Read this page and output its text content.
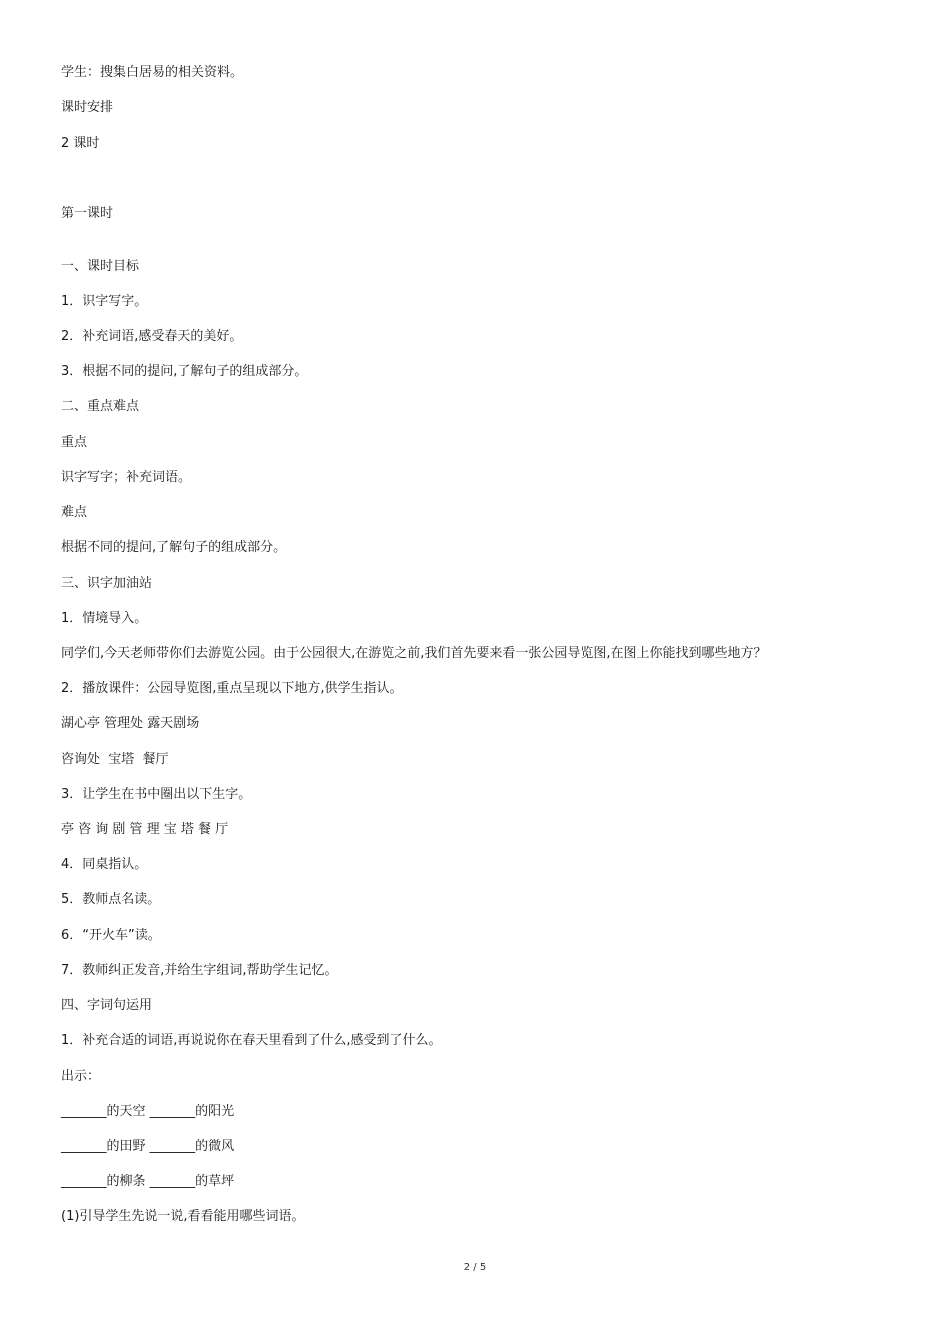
学生：搜集白居易的相关资料。
课时安排
2 课时
第一课时
一、课时目标
1．识字写字。
2．补充词语,感受春天的美好。
3．根据不同的提问,了解句子的组成部分。
二、重点难点
重点
识字写字；补充词语。
难点
根据不同的提问,了解句子的组成部分。
三、识字加油站
1．情境导入。
同学们,今天老师带你们去游览公园。由于公园很大,在游览之前,我们首先要来看一张公园导览图,在图上你能找到哪些地方？
2．播放课件：公园导览图,重点呈现以下地方,供学生指认。
湖心亭 管理处 露天剧场
咨询处  宝塔  餐厅
3．让学生在书中圈出以下生字。
亭 咨 询 剧 管 理 宝 塔 餐 厅
4．同桌指认。
5．教师点名读。
6．“开火车”读。
7．教师纠正发音,并给生字组词,帮助学生记忆。
四、字词句运用
1．补充合适的词语,再说说你在春天里看到了什么,感受到了什么。
出示：
_______的天空 _______的阳光
_______的田野 _______的微风
_______的柳条 _______的草坪
(1)引导学生先说一说,看看能用哪些词语。
2 / 5
